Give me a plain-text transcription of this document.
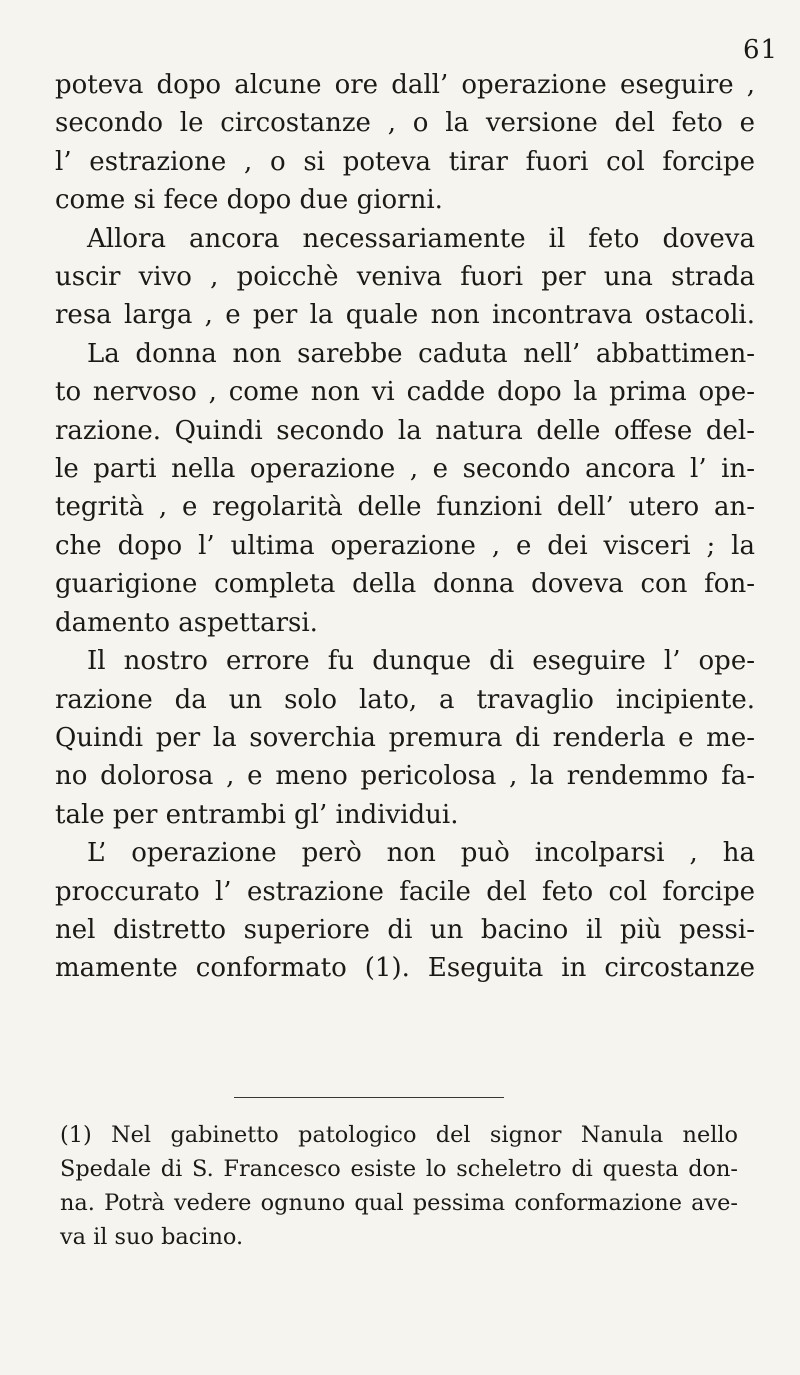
61
poteva dopo alcune ore dall’ operazione eseguire ,
secondo le circostanze , o la versione del feto e
l’ estrazione , o si poteva tirar fuori col forcipe
come si fece dopo due giorni.
Allora ancora necessariamente il feto doveva
uscir vivo , poicchè veniva fuori per una strada
resa larga , e per la quale non incontrava ostacoli.
La donna non sarebbe caduta nell’ abbattimen-
to nervoso , come non vi cadde dopo la prima ope-
razione. Quindi secondo la natura delle offese del-
le parti nella operazione , e secondo ancora l’ in-
tegrità , e regolarità delle funzioni dell’ utero an-
che dopo l’ ultima operazione , e dei visceri ; la
guarigione completa della donna doveva con fon-
damento aspettarsi.
Il nostro errore fu dunque di eseguire l’ ope-
razione da un solo lato, a travaglio incipiente.
Quindi per la soverchia premura di renderla e me-
no dolorosa , e meno pericolosa , la rendemmo fa-
tale per entrambi gl’ individui.
L’ operazione però non può incolparsi , ha
proccurato l’ estrazione facile del feto col forcipe
nel distretto superiore di un bacino il più pessi-
mamente conformato (1). Eseguita in circostanze
(1) Nel gabinetto patologico del signor Nanula nello
Spedale di S. Francesco esiste lo scheletro di questa don-
na. Potrà vedere ognuno qual pessima conformazione ave-
va il suo bacino.
